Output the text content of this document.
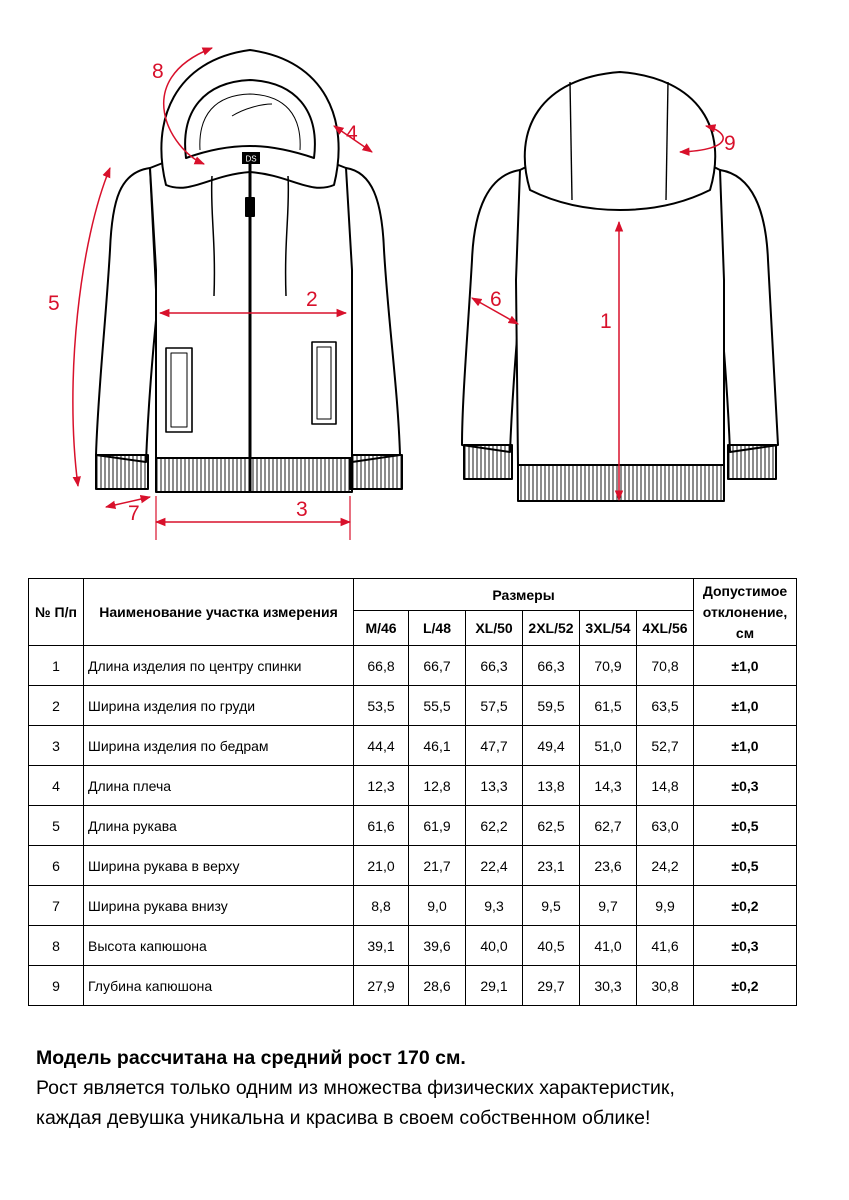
DS
8
4
5	2
7	3
9
6
1
№ П/п	Наименование участка измерения	Размеры						Допустимое отклонение, см
		M/46	L/48	XL/50	2XL/52	3XL/54	4XL/56	
1	Длина изделия по центру спинки	66,8	66,7	66,3	66,3	70,9	70,8	±1,0
2	Ширина изделия по груди	53,5	55,5	57,5	59,5	61,5	63,5	±1,0
3	Ширина изделия по бедрам	44,4	46,1	47,7	49,4	51,0	52,7	±1,0
4	Длина плеча	12,3	12,8	13,3	13,8	14,3	14,8	±0,3
5	Длина рукава	61,6	61,9	62,2	62,5	62,7	63,0	±0,5
6	Ширина рукава в верху	21,0	21,7	22,4	23,1	23,6	24,2	±0,5
7	Ширина рукава внизу	8,8	9,0	9,3	9,5	9,7	9,9	±0,2
8	Высота капюшона	39,1	39,6	40,0	40,5	41,0	41,6	±0,3
9	Глубина капюшона	27,9	28,6	29,1	29,7	30,3	30,8	±0,2
Модель рассчитана на средний рост 170 см.
Рост является только одним из множества физических характеристик,
каждая девушка уникальна и красива в своем собственном облике!
